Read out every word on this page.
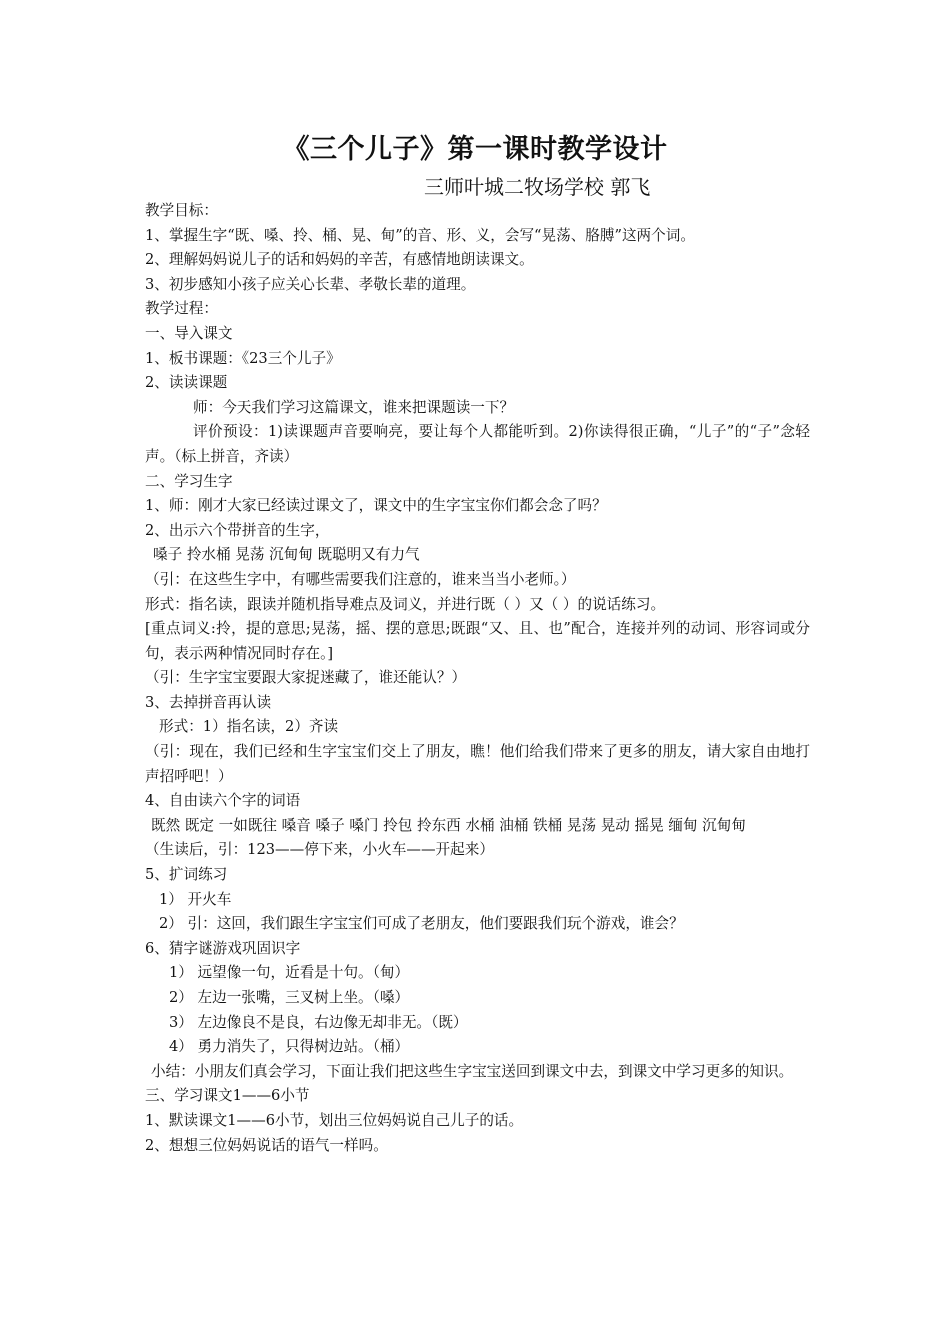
《三个儿子》第一课时教学设计
三师叶城二牧场学校 郭飞
教学目标：
1、掌握生字“既、嗓、拎、桶、晃、甸”的音、形、义，会写“晃荡、胳膊”这两个词。
2、理解妈妈说儿子的话和妈妈的辛苦，有感情地朗读课文。
3、初步感知小孩子应关心长辈、孝敬长辈的道理。
教学过程：
一、导入课文
1、板书课题：《23三个儿子》
2、读读课题
师：今天我们学习这篇课文，谁来把课题读一下？
评价预设：1)读课题声音要响亮，要让每个人都能听到。2)你读得很正确，“儿子”的“子”念轻声。（标上拼音，齐读）
二、学习生字
1、师：刚才大家已经读过课文了，课文中的生字宝宝你们都会念了吗？
2、出示六个带拼音的生字，
嗓子 拎水桶 晃荡 沉甸甸 既聪明又有力气
（引：在这些生字中，有哪些需要我们注意的，谁来当当小老师。）
形式：指名读，跟读并随机指导难点及词义，并进行既（ ）又（ ）的说话练习。
[重点词义:拎，提的意思;晃荡，摇、摆的意思;既跟“又、且、也”配合，连接并列的动词、形容词或分句，表示两种情况同时存在。]
（引：生字宝宝要跟大家捉迷藏了，谁还能认？）
3、去掉拼音再认读
形式：1）指名读，2）齐读
（引：现在，我们已经和生字宝宝们交上了朋友，瞧！他们给我们带来了更多的朋友，请大家自由地打声招呼吧！）
4、自由读六个字的词语
既然 既定 一如既往 嗓音 嗓子 嗓门 拎包 拎东西 水桶 油桶 铁桶 晃荡 晃动 摇晃 缅甸 沉甸甸
（生读后，引：123——停下来，小火车——开起来）
5、扩词练习
1） 开火车
2） 引：这回，我们跟生字宝宝们可成了老朋友，他们要跟我们玩个游戏，谁会？
6、猜字谜游戏巩固识字
1） 远望像一句，近看是十句。（甸）
2） 左边一张嘴，三叉树上坐。（嗓）
3） 左边像良不是良，右边像无却非无。（既）
4） 勇力消失了，只得树边站。（桶）
小结：小朋友们真会学习，下面让我们把这些生字宝宝送回到课文中去，到课文中学习更多的知识。
三、学习课文1——6小节
1、默读课文1——6小节，划出三位妈妈说自己儿子的话。
2、想想三位妈妈说话的语气一样吗。
